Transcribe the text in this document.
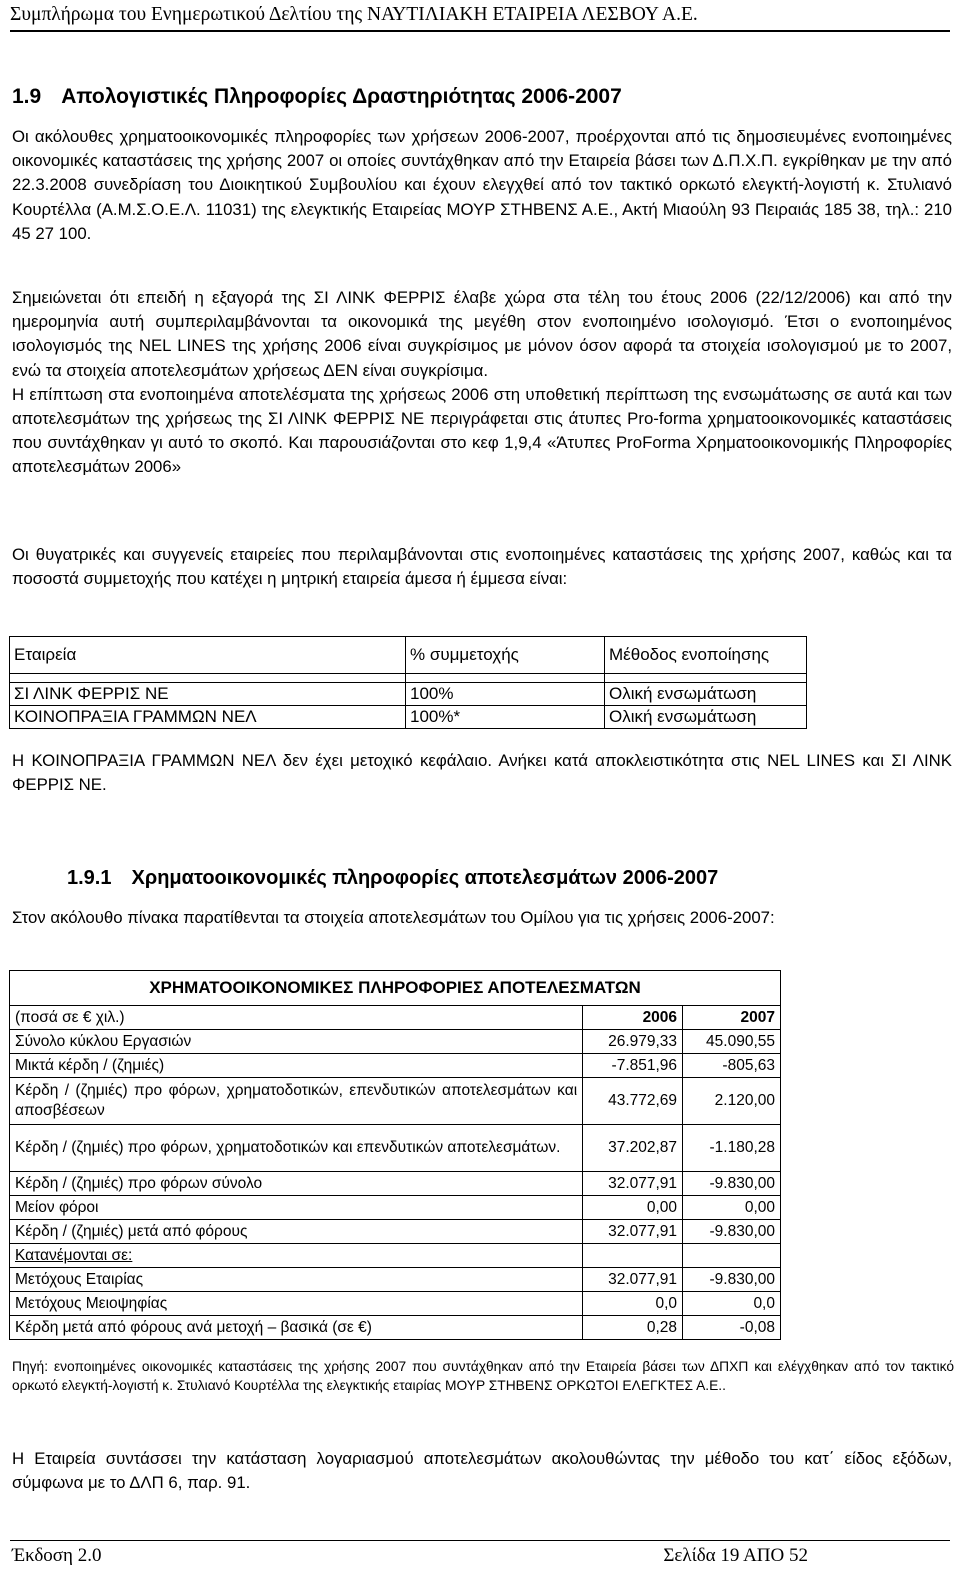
Συμπλήρωμα του Ενημερωτικού Δελτίου της ΝΑΥΤΙΛΙΑΚΗ ΕΤΑΙΡΕΙΑ ΛΕΣΒΟΥ Α.Ε.
1.9 Απολογιστικές Πληροφορίες Δραστηριότητας 2006-2007

Οι ακόλουθες χρηματοοικονομικές πληροφορίες των χρήσεων 2006-2007, προέρχονται από τις δημοσιευμένες ενοποιημένες οικονομικές καταστάσεις της χρήσης 2007 οι οποίες συντάχθηκαν από την Εταιρεία βάσει των Δ.Π.Χ.Π. εγκρίθηκαν με την από 22.3.2008 συνεδρίαση του Διοικητικού Συμβουλίου και έχουν ελεγχθεί από τον τακτικό ορκωτό ελεγκτή-λογιστή κ. Στυλιανό Κουρτέλλα (Α.Μ.Σ.Ο.Ε.Λ. 11031) της ελεγκτικής Εταιρείας ΜΟΥΡ ΣΤΗΒΕΝΣ Α.Ε., Ακτή Μιαούλη 93 Πειραιάς 185 38, τηλ.: 210 45 27 100.

Σημειώνεται ότι επειδή η εξαγορά της ΣΙ ΛΙΝΚ ΦΕΡΡΙΣ έλαβε χώρα στα τέλη του έτους 2006 (22/12/2006) και από την ημερομηνία αυτή συμπεριλαμβάνονται τα οικονομικά της μεγέθη στον ενοποιημένο ισολογισμό. Έτσι ο ενοποιημένος ισολογισμός της NEL LINES της χρήσης 2006 είναι συγκρίσιμος με μόνον όσον αφορά τα στοιχεία ισολογισμού με το 2007, ενώ τα στοιχεία αποτελεσμάτων χρήσεως ΔΕΝ είναι συγκρίσιμα.

Η επίπτωση στα ενοποιημένα αποτελέσματα της χρήσεως 2006 στη υποθετική περίπτωση της ενσωμάτωσης σε αυτά και των αποτελεσμάτων της χρήσεως της ΣΙ ΛΙΝΚ ΦΕΡΡΙΣ ΝΕ περιγράφεται στις άτυπες Pro-forma χρηματοοικονομικές καταστάσεις που συντάχθηκαν γι αυτό το σκοπό. Και παρουσιάζονται στο κεφ 1,9,4 «Άτυπες ProForma Χρηματοοικονομικής Πληροφορίες αποτελεσμάτων 2006»

Οι θυγατρικές και συγγενείς εταιρείες που περιλαμβάνονται στις ενοποιημένες καταστάσεις της χρήσης 2007, καθώς και τα ποσοστά συμμετοχής που κατέχει η μητρική εταιρεία άμεσα ή έμμεσα είναι:

Εταιρεία	% συμμετοχής	Μέθοδος ενοποίησης

ΣΙ ΛΙΝΚ ΦΕΡΡΙΣ ΝΕ	100%	Ολική ενσωμάτωση
ΚΟΙΝΟΠΡΑΞΙΑ ΓΡΑΜΜΩΝ ΝΕΛ	100%*	Ολική ενσωμάτωση

Η ΚΟΙΝΟΠΡΑΞΙΑ ΓΡΑΜΜΩΝ ΝΕΛ δεν έχει μετοχικό κεφάλαιο. Ανήκει κατά αποκλειστικότητα στις NEL LINES και ΣΙ ΛΙΝΚ ΦΕΡΡΙΣ ΝΕ.

1.9.1 Χρηματοοικονομικές πληροφορίες αποτελεσμάτων 2006-2007

Στον ακόλουθο πίνακα παρατίθενται τα στοιχεία αποτελεσμάτων του Ομίλου για τις χρήσεις 2006-2007:

ΧΡΗΜΑΤΟΟΙΚΟΝΟΜΙΚΕΣ ΠΛΗΡΟΦΟΡΙΕΣ ΑΠΟΤΕΛΕΣΜΑΤΩΝ		
(ποσά σε € χιλ.)	2006	2007
Σύνολο κύκλου Εργασιών	26.979,33	45.090,55
Μικτά κέρδη / (ζημιές)	-7.851,96	-805,63
Κέρδη / (ζημιές) προ φόρων, χρηματοδοτικών, επενδυτικών αποτελεσμάτων και αποσβέσεων	43.772,69	2.120,00
Κέρδη / (ζημιές) προ φόρων, χρηματοδοτικών και επενδυτικών αποτελεσμάτων.	37.202,87	-1.180,28
Κέρδη / (ζημιές) προ φόρων σύνολο	32.077,91	-9.830,00
Μείον φόροι	0,00	0,00
Κέρδη / (ζημιές) μετά από φόρους	32.077,91	-9.830,00
Κατανέμονται σε:		
Μετόχους Εταιρίας	32.077,91	-9.830,00
Μετόχους Μειοψηφίας	0,0	0,0
Κέρδη μετά από φόρους ανά μετοχή – βασικά (σε €)	0,28	-0,08
Πηγή: ενοποιημένες οικονομικές καταστάσεις της χρήσης 2007 που συντάχθηκαν από την Εταιρεία βάσει των ΔΠΧΠ και ελέγχθηκαν από τον τακτικό ορκωτό ελεγκτή-λογιστή κ. Στυλιανό Κουρτέλλα της ελεγκτικής εταιρίας ΜΟΥΡ ΣΤΗΒΕΝΣ ΟΡΚΩΤΟΙ ΕΛΕΓΚΤΕΣ Α.Ε..

Η Εταιρεία συντάσσει την κατάσταση λογαριασμού αποτελεσμάτων ακολουθώντας την μέθοδο του κατ΄ είδος εξόδων, σύμφωνα με το ΔΛΠ 6, παρ. 91.

Έκδοση 2.0	Σελίδα 19 ΑΠΟ 52
